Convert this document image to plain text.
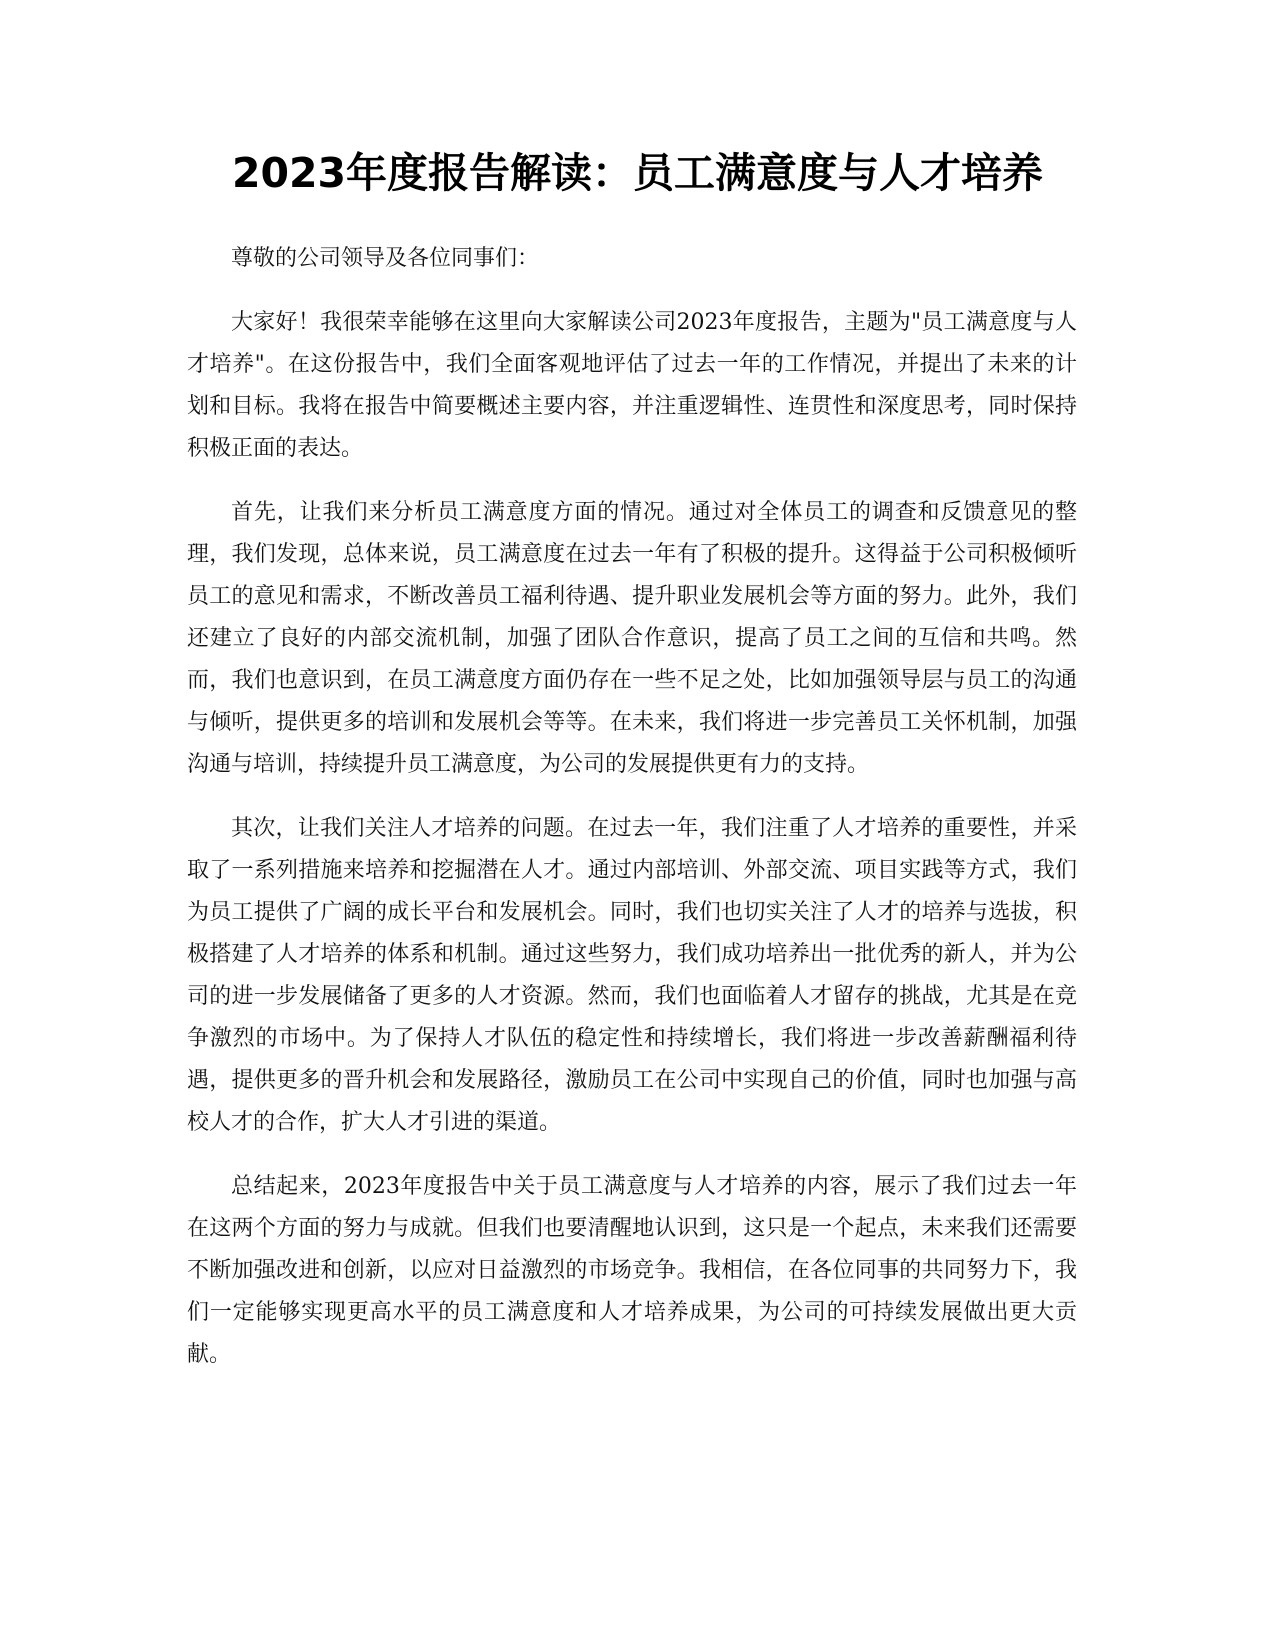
2023年度报告解读：员工满意度与人才培养

尊敬的公司领导及各位同事们：

大家好！我很荣幸能够在这里向大家解读公司2023年度报告，主题为"员工满意度与人才培养"。在这份报告中，我们全面客观地评估了过去一年的工作情况，并提出了未来的计划和目标。我将在报告中简要概述主要内容，并注重逻辑性、连贯性和深度思考，同时保持积极正面的表达。

首先，让我们来分析员工满意度方面的情况。通过对全体员工的调查和反馈意见的整理，我们发现，总体来说，员工满意度在过去一年有了积极的提升。这得益于公司积极倾听员工的意见和需求，不断改善员工福利待遇、提升职业发展机会等方面的努力。此外，我们还建立了良好的内部交流机制，加强了团队合作意识，提高了员工之间的互信和共鸣。然而，我们也意识到，在员工满意度方面仍存在一些不足之处，比如加强领导层与员工的沟通与倾听，提供更多的培训和发展机会等等。在未来，我们将进一步完善员工关怀机制，加强沟通与培训，持续提升员工满意度，为公司的发展提供更有力的支持。

其次，让我们关注人才培养的问题。在过去一年，我们注重了人才培养的重要性，并采取了一系列措施来培养和挖掘潜在人才。通过内部培训、外部交流、项目实践等方式，我们为员工提供了广阔的成长平台和发展机会。同时，我们也切实关注了人才的培养与选拔，积极搭建了人才培养的体系和机制。通过这些努力，我们成功培养出一批优秀的新人，并为公司的进一步发展储备了更多的人才资源。然而，我们也面临着人才留存的挑战，尤其是在竞争激烈的市场中。为了保持人才队伍的稳定性和持续增长，我们将进一步改善薪酬福利待遇，提供更多的晋升机会和发展路径，激励员工在公司中实现自己的价值，同时也加强与高校人才的合作，扩大人才引进的渠道。

总结起来，2023年度报告中关于员工满意度与人才培养的内容，展示了我们过去一年在这两个方面的努力与成就。但我们也要清醒地认识到，这只是一个起点，未来我们还需要不断加强改进和创新，以应对日益激烈的市场竞争。我相信，在各位同事的共同努力下，我们一定能够实现更高水平的员工满意度和人才培养成果，为公司的可持续发展做出更大贡献。
